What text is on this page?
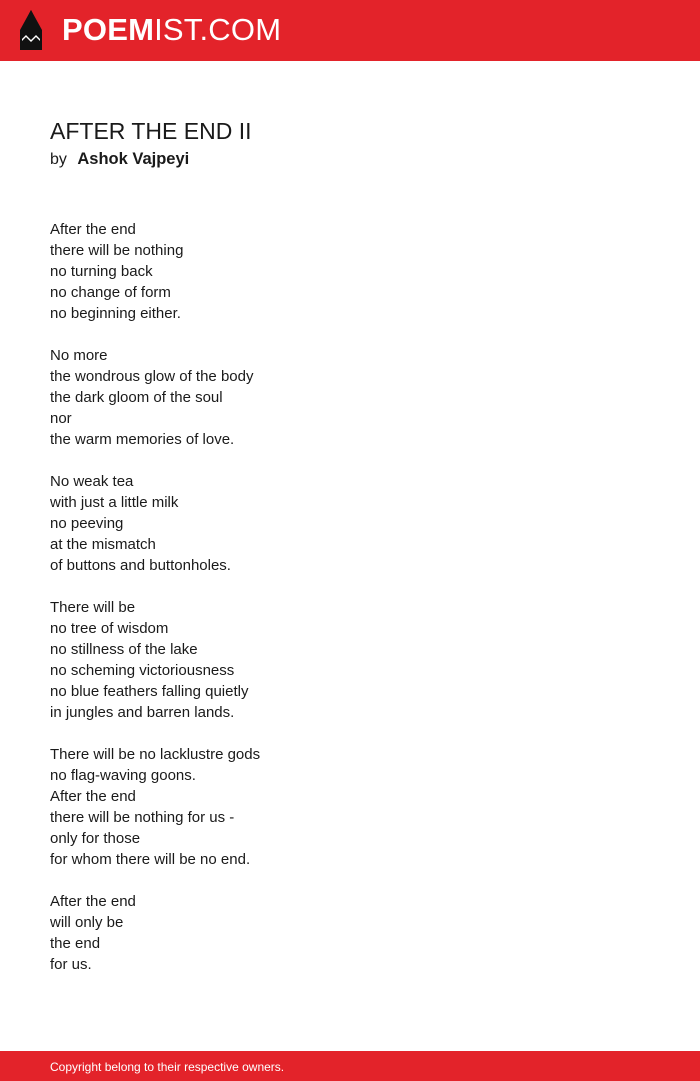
POEMIST.COM
AFTER THE END II
by Ashok Vajpeyi
After the end
there will be nothing
no turning back
no change of form
no beginning either.
No more
the wondrous glow of the body
the dark gloom of the soul
nor
the warm memories of love.
No weak tea
with just a little milk
no peeving
at the mismatch
of buttons and buttonholes.
There will be
no tree of wisdom
no stillness of the lake
no scheming victoriousness
no blue feathers falling quietly
in jungles and barren lands.
There will be no lacklustre gods
no flag-waving goons.
After the end
there will be nothing for us -
only for those
for whom there will be no end.
After the end
will only be
the end
for us.
Copyright belong to their respective owners.
